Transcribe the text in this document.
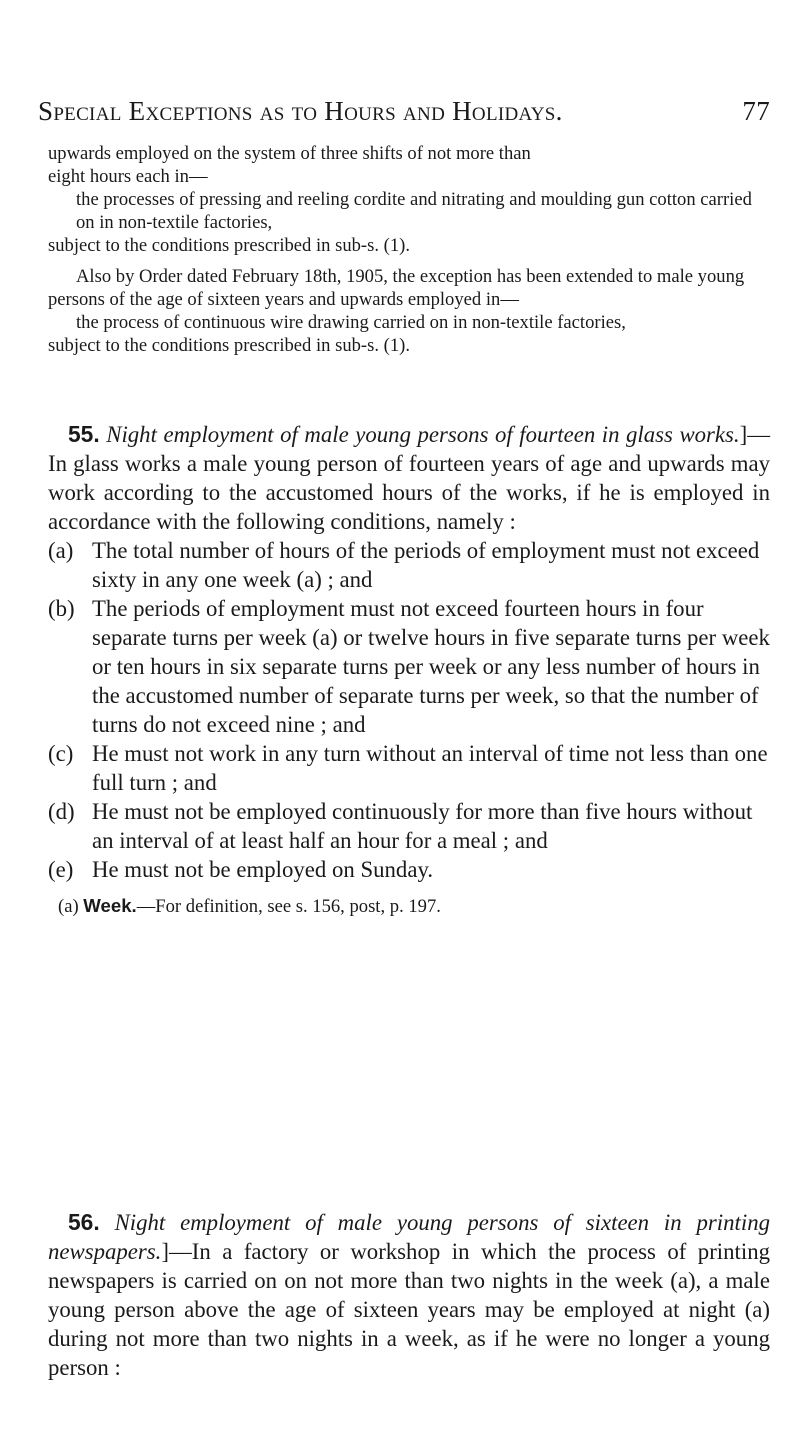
Special Exceptions as to Hours and Holidays.	77

upwards employed on the system of three shifts of not more than

eight hours each in—

the processes of pressing and reeling cordite and nitrating and moulding gun cotton carried on in non-textile factories,

subject to the conditions prescribed in sub-s. (1).

Also by Order dated February 18th, 1905, the exception has been extended to male young persons of the age of sixteen years and upwards employed in—

the process of continuous wire drawing carried on in non-textile factories,

subject to the conditions prescribed in sub-s. (1).

55. Night employment of male young persons of fourteen in glass works.]—In glass works a male young person of fourteen years of age and upwards may work according to the accustomed hours of the works, if he is employed in accordance with the following conditions, namely :

(a) The total number of hours of the periods of employment must not exceed sixty in any one week (a) ; and
(b) The periods of employment must not exceed fourteen hours in four separate turns per week (a) or twelve hours in five separate turns per week or ten hours in six separate turns per week or any less number of hours in the accustomed number of separate turns per week, so that the number of turns do not exceed nine ; and
(c) He must not work in any turn without an interval of time not less than one full turn ; and
(d) He must not be employed continuously for more than five hours without an interval of at least half an hour for a meal ; and
(e) He must not be employed on Sunday.

(a) Week.—For definition, see s. 156, post, p. 197.

56. Night employment of male young persons of sixteen in printing newspapers.]—In a factory or workshop in which the process of printing newspapers is carried on on not more than two nights in the week (a), a male young person above the age of sixteen years may be employed at night (a) during not more than two nights in a week, as if he were no longer a young person :
